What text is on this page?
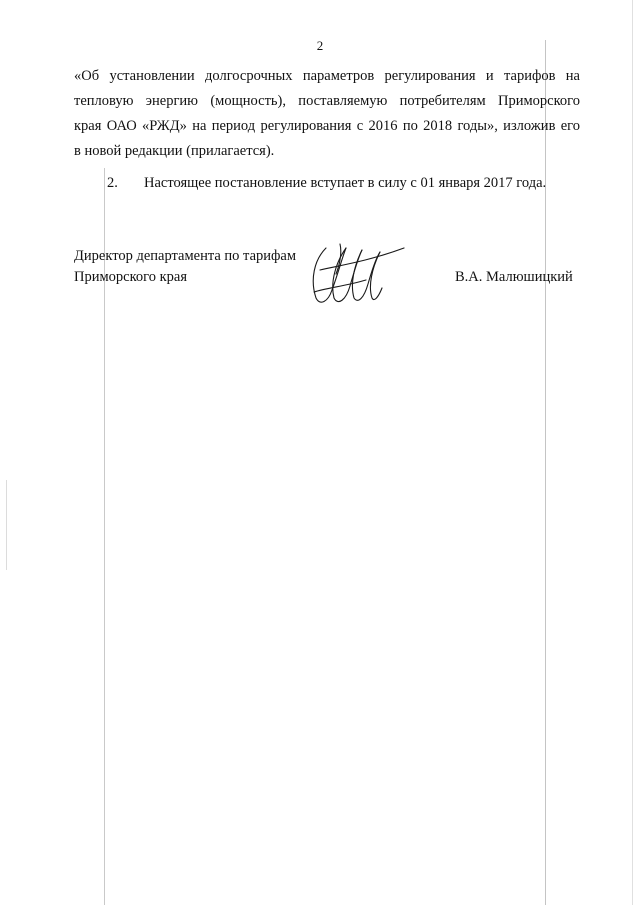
2
«Об установлении долгосрочных параметров регулирования и тарифов на
тепловую энергию (мощность), поставляемую потребителям Приморского
края ОАО «РЖД» на период регулирования с 2016 по 2018 годы», изложив его
в новой редакции (прилагается).
2. Настоящее постановление вступает в силу с 01 января 2017 года.
Директор департамента по тарифам
Приморского края	В.А. Малюшицкий
